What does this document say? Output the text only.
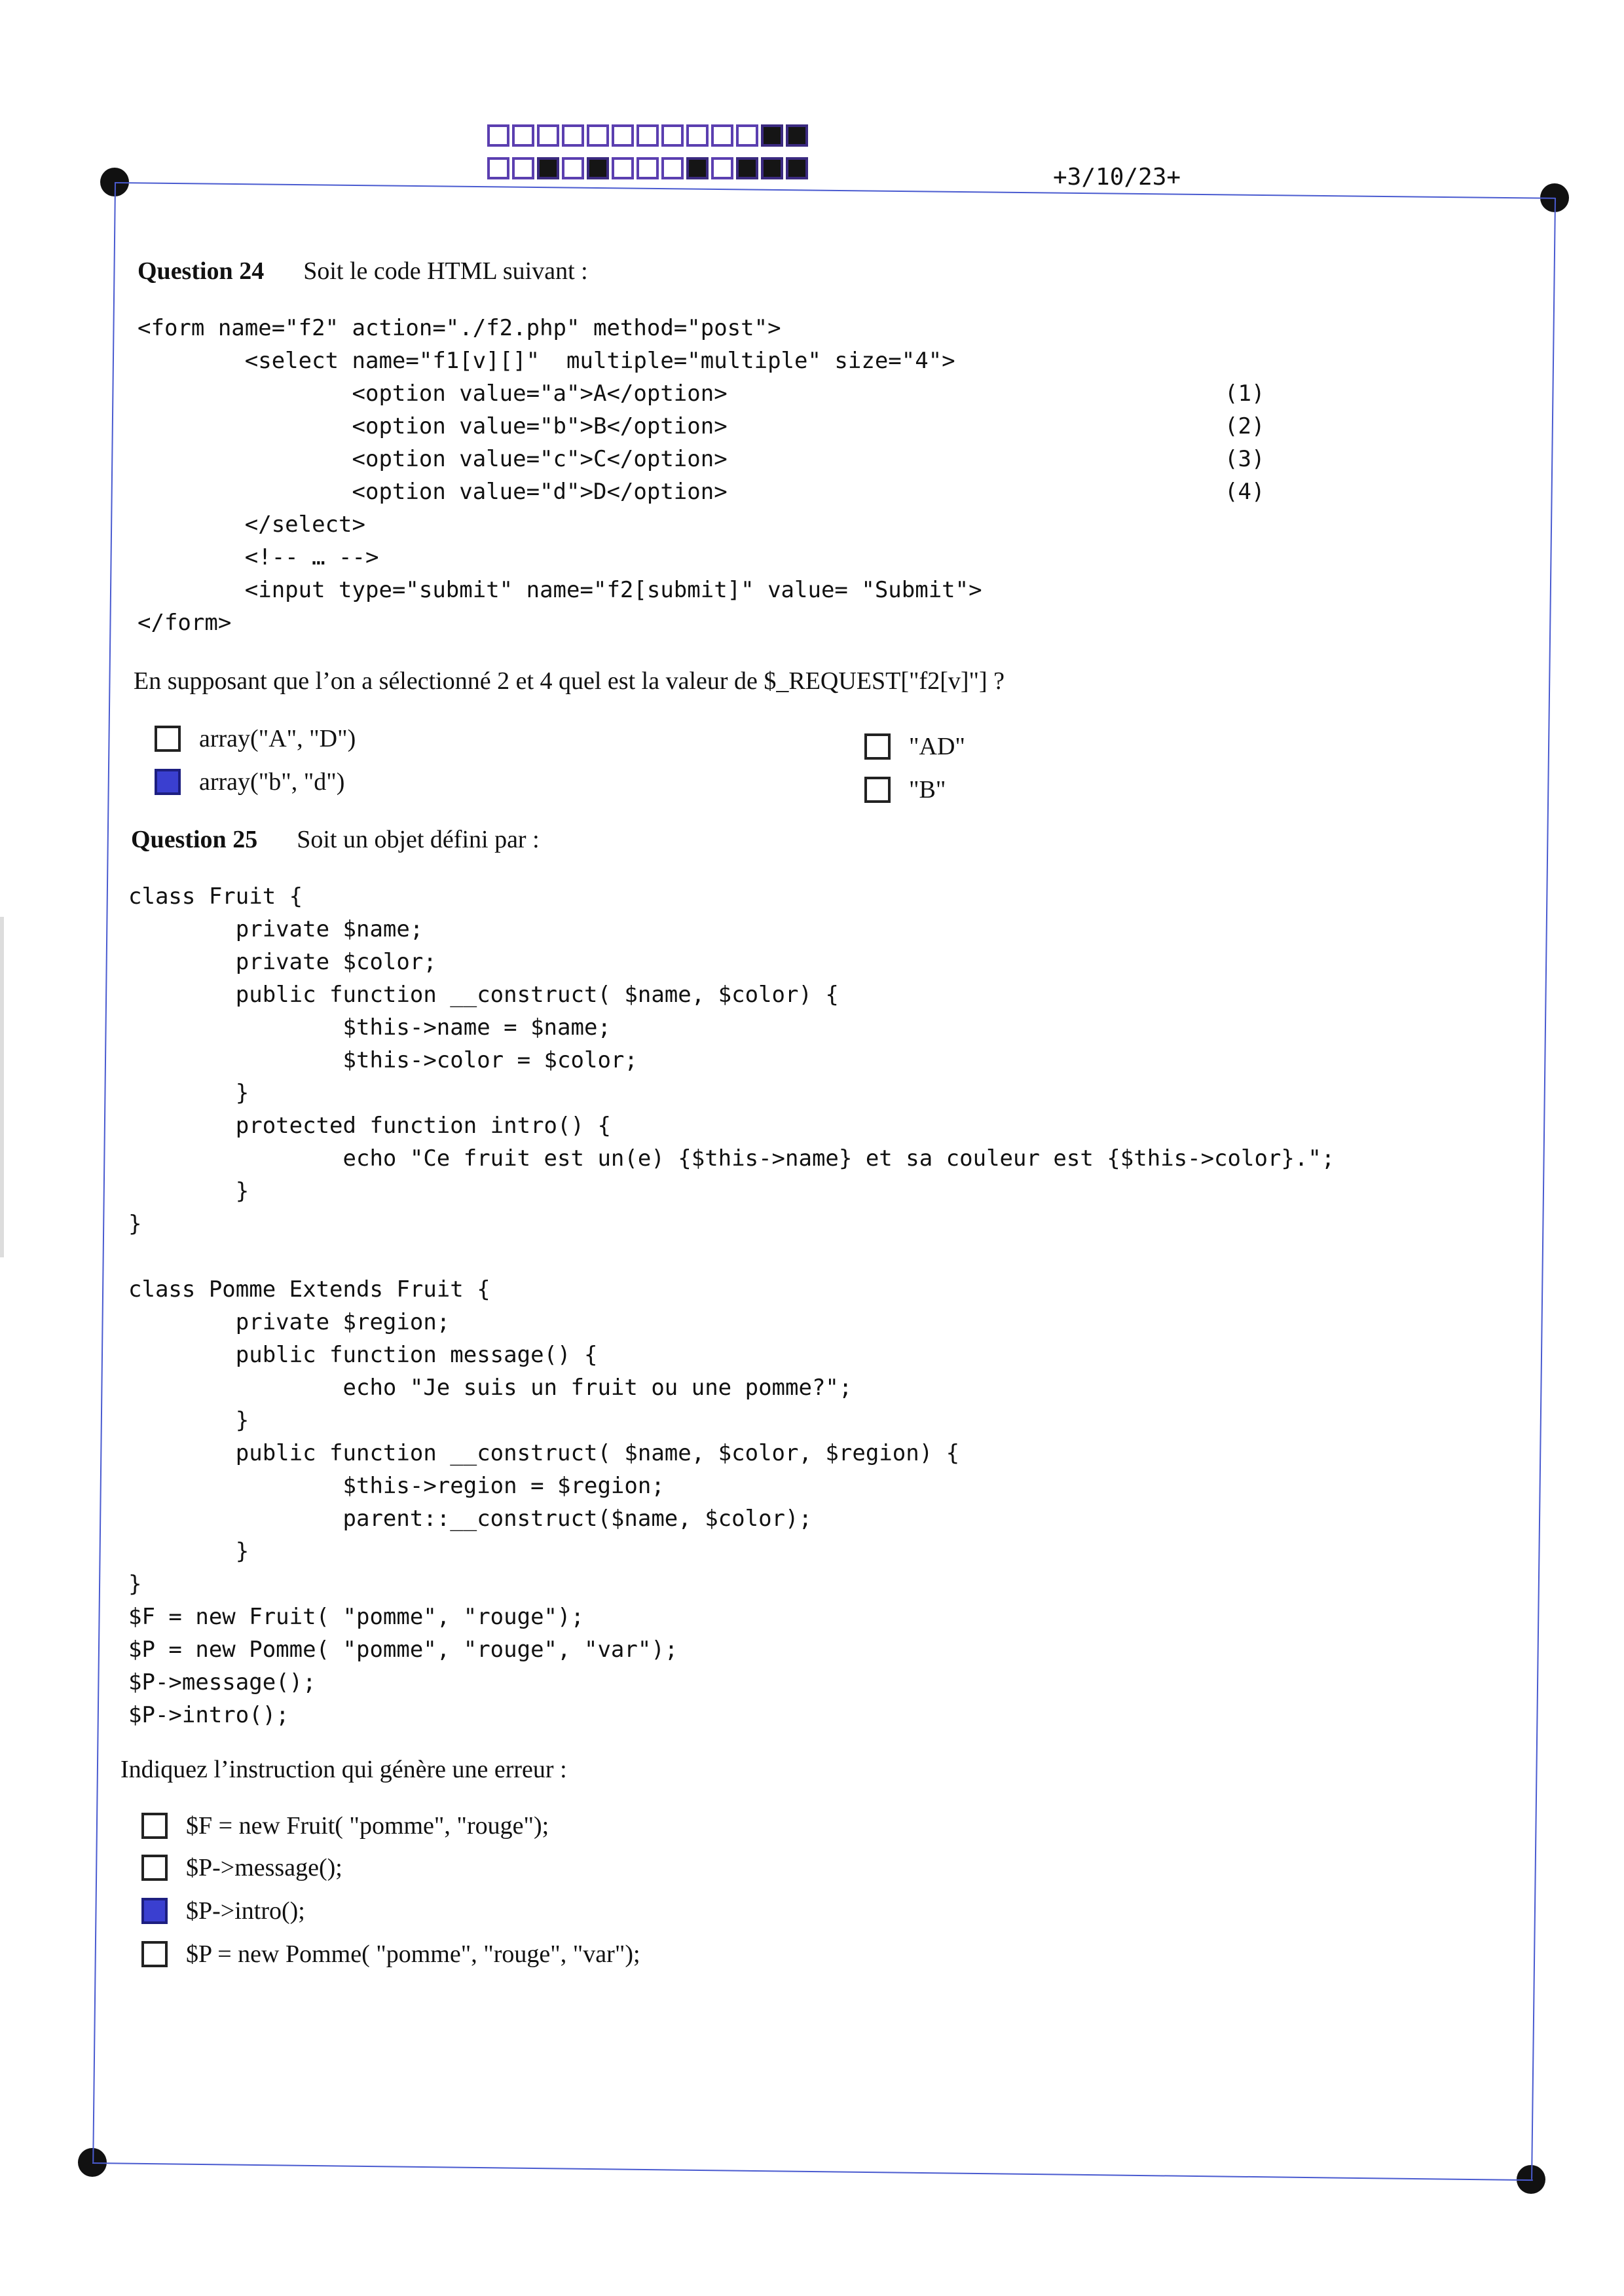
+3/10/23+
Question 24 Soit le code HTML suivant :
<form name="f2" action="./f2.php" method="post">
<select name="f1[v][]"  multiple="multiple" size="4">
<option value="a">A</option>	(1)
<option value="b">B</option>	(2)
<option value="c">C</option>	(3)
<option value="d">D</option>	(4)
</select>
<!-- … -->
<input type="submit" name="f2[submit]" value= "Submit">
</form>
En supposant que l’on a sélectionné 2 et 4 quel est la valeur de $_REQUEST["f2[v]"] ?
array("A", "D")
array("b", "d")
"AD"
"B"
Question 25 Soit un objet défini par :
class Fruit {
private $name;
private $color;
public function __construct( $name, $color) {
$this->name = $name;
$this->color = $color;
}
protected function intro() {
echo "Ce fruit est un(e) {$this->name} et sa couleur est {$this->color}.";
}
}
class Pomme Extends Fruit {
private $region;
public function message() {
echo "Je suis un fruit ou une pomme?";
}
public function __construct( $name, $color, $region) {
$this->region = $region;
parent::__construct($name, $color);
}
}
$F = new Fruit( "pomme", "rouge");
$P = new Pomme( "pomme", "rouge", "var");
$P->message();
$P->intro();
Indiquez l’instruction qui génère une erreur :
$F = new Fruit( "pomme", "rouge");
$P->message();
$P->intro();
$P = new Pomme( "pomme", "rouge", "var");
